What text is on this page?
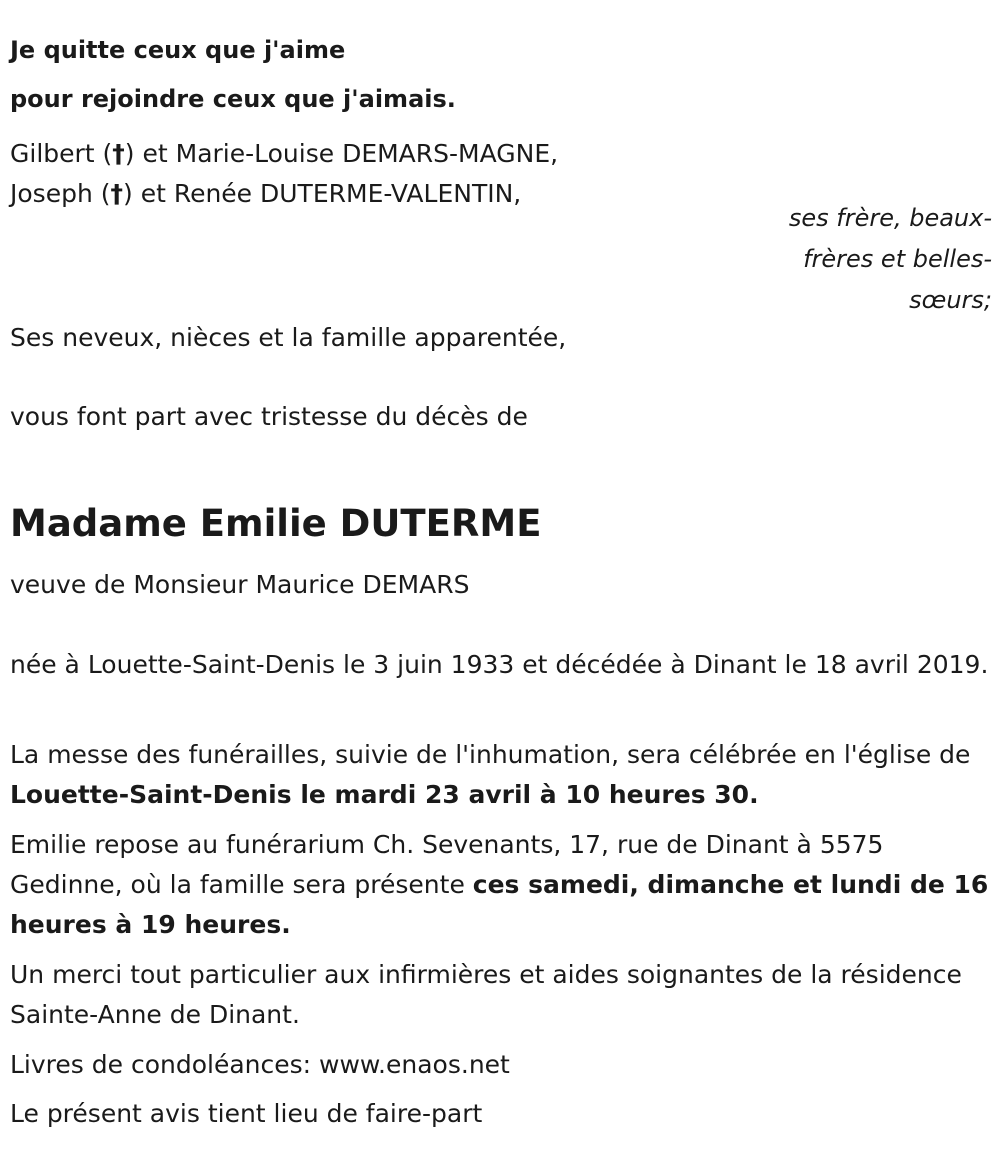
Je quitte ceux que j'aime

pour rejoindre ceux que j'aimais.

Gilbert (†) et Marie-Louise DEMARS-MAGNE,

Joseph (†) et Renée DUTERME-VALENTIN,

ses frère, beaux-
frères et belles-
sœurs;

Ses neveux, nièces et la famille apparentée,

vous font part avec tristesse du décès de

Madame Emilie DUTERME

veuve de Monsieur Maurice DEMARS

née à Louette-Saint-Denis le 3 juin 1933 et décédée à Dinant le 18 avril 2019.

La messe des funérailles, suivie de l'inhumation, sera célébrée en l'église de Louette-Saint-Denis le mardi 23 avril à 10 heures 30.

Emilie repose au funérarium Ch. Sevenants, 17, rue de Dinant à 5575 Gedinne, où la famille sera présente ces samedi, dimanche et lundi de 16 heures à 19 heures.

Un merci tout particulier aux infirmières et aides soignantes de la résidence Sainte-Anne de Dinant.

Livres de condoléances: www.enaos.net

Le présent avis tient lieu de faire-part
